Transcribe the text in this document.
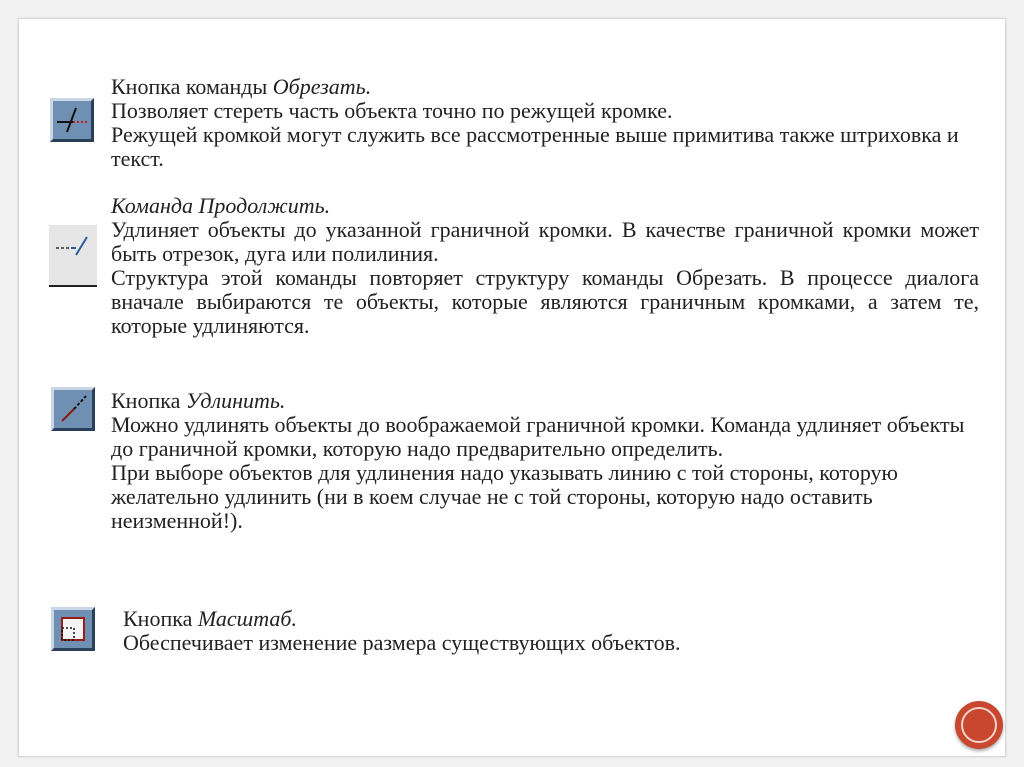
Кнопка команды Обрезать.

Позволяет стереть часть объекта точно по режущей кромке.

Режущей кромкой могут служить все рассмотренные выше примитива также штриховка и текст.

Команда Продолжить.

Удлиняет объекты до указанной граничной кромки. В качестве граничной кромки может быть отрезок, дуга или полилиния.

Структура этой команды повторяет структуру команды Обрезать. В процессе диалога вначале выбираются те объекты, которые являются граничным кромками, а затем те, которые удлиняются.

Кнопка Удлинить.

Можно удлинять объекты до воображаемой граничной кромки. Команда удлиняет объекты до граничной кромки, которую надо предварительно определить.

При выборе объектов для удлинения надо указывать линию с той стороны, которую желательно удлинить (ни в коем случае не с той стороны, которую надо оставить неизменной!).

Кнопка Масштаб.

Обеспечивает изменение размера существующих объектов.
